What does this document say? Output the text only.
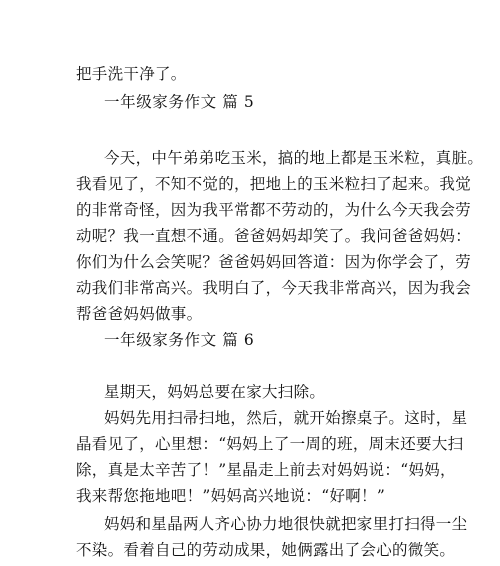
把手洗干净了。
一年级家务作文 篇 5
今天，中午弟弟吃玉米，搞的地上都是玉米粒，真脏。
我看见了，不知不觉的，把地上的玉米粒扫了起来。我觉
的非常奇怪，因为我平常都不劳动的，为什么今天我会劳
动呢？我一直想不通。爸爸妈妈却笑了。我问爸爸妈妈：
你们为什么会笑呢？爸爸妈妈回答道：因为你学会了，劳
动我们非常高兴。我明白了，今天我非常高兴，因为我会
帮爸爸妈妈做事。
一年级家务作文 篇 6
星期天，妈妈总要在家大扫除。
妈妈先用扫帚扫地，然后，就开始擦桌子。这时，星
晶看见了，心里想：“妈妈上了一周的班，周末还要大扫
除，真是太辛苦了！”星晶走上前去对妈妈说：“妈妈，
我来帮您拖地吧！”妈妈高兴地说：“好啊！”
妈妈和星晶两人齐心协力地很快就把家里打扫得一尘
不染。看着自己的劳动成果，她俩露出了会心的微笑。
